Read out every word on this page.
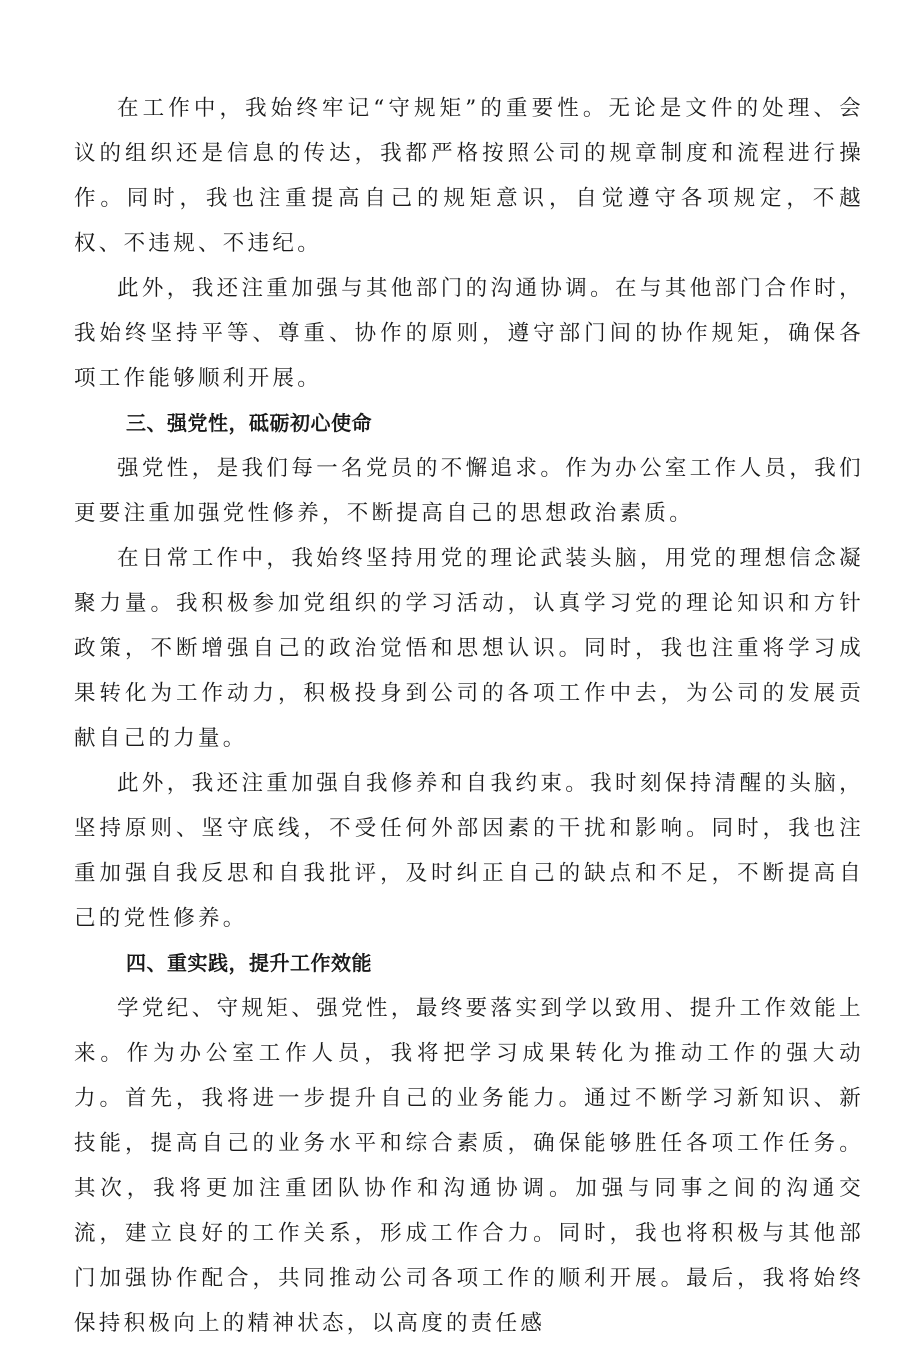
在工作中，我始终牢记“守规矩”的重要性。无论是文件的处理、会议的组织还是信息的传达，我都严格按照公司的规章制度和流程进行操作。同时，我也注重提高自己的规矩意识，自觉遵守各项规定，不越权、不违规、不违纪。

此外，我还注重加强与其他部门的沟通协调。在与其他部门合作时，我始终坚持平等、尊重、协作的原则，遵守部门间的协作规矩，确保各项工作能够顺利开展。

三、强党性，砥砺初心使命

强党性，是我们每一名党员的不懈追求。作为办公室工作人员，我们更要注重加强党性修养，不断提高自己的思想政治素质。

在日常工作中，我始终坚持用党的理论武装头脑，用党的理想信念凝聚力量。我积极参加党组织的学习活动，认真学习党的理论知识和方针政策，不断增强自己的政治觉悟和思想认识。同时，我也注重将学习成果转化为工作动力，积极投身到公司的各项工作中去，为公司的发展贡献自己的力量。

此外，我还注重加强自我修养和自我约束。我时刻保持清醒的头脑，坚持原则、坚守底线，不受任何外部因素的干扰和影响。同时，我也注重加强自我反思和自我批评，及时纠正自己的缺点和不足，不断提高自己的党性修养。

四、重实践，提升工作效能

学党纪、守规矩、强党性，最终要落实到学以致用、提升工作效能上来。作为办公室工作人员，我将把学习成果转化为推动工作的强大动力。首先，我将进一步提升自己的业务能力。通过不断学习新知识、新技能，提高自己的业务水平和综合素质，确保能够胜任各项工作任务。其次，我将更加注重团队协作和沟通协调。加强与同事之间的沟通交流，建立良好的工作关系，形成工作合力。同时，我也将积极与其他部门加强协作配合，共同推动公司各项工作的顺利开展。最后，我将始终保持积极向上的精神状态，以高度的责任感
